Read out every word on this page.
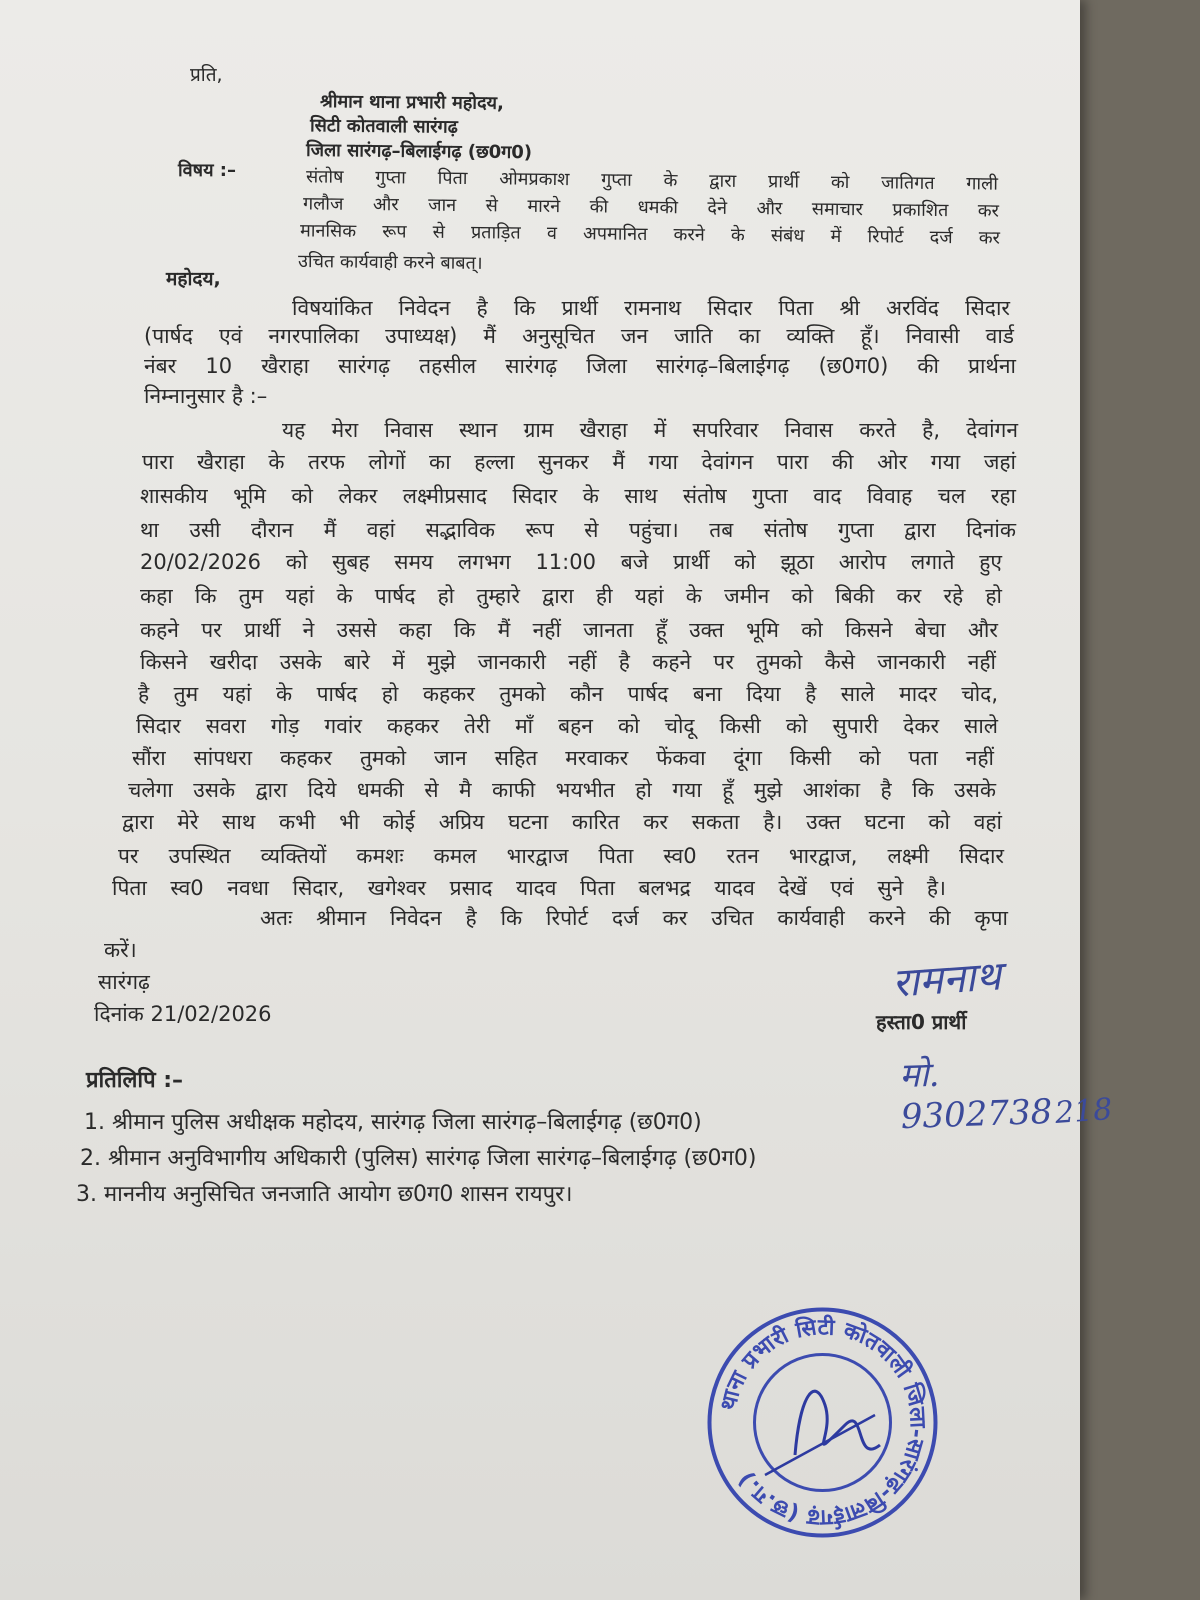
प्रति,
श्रीमान थाना प्रभारी महोदय,
सिटी कोतवाली सारंगढ़
जिला सारंगढ़–बिलाईगढ़ (छ0ग0)
विषय :–	संतोष गुप्ता पिता ओमप्रकाश गुप्ता के द्वारा प्रार्थी को जातिगत गाली
गलौज और जान से मारने की धमकी देने और समाचार प्रकाशित कर
मानसिक रूप से प्रताड़ित व अपमानित करने के संबंध में रिपोर्ट दर्ज कर
उचित कार्यवाही करने बाबत्।
महोदय,
विषयांकित निवेदन है कि प्रार्थी रामनाथ सिदार पिता श्री अरविंद सिदार
(पार्षद एवं नगरपालिका उपाध्यक्ष) मैं अनुसूचित जन जाति का व्यक्ति हूँ। निवासी वार्ड
नंबर 10 खैराहा सारंगढ़ तहसील सारंगढ़ जिला सारंगढ़–बिलाईगढ़ (छ0ग0) की प्रार्थना
निम्नानुसार है :–
यह मेरा निवास स्थान ग्राम खैराहा में सपरिवार निवास करते है, देवांगन
पारा खैराहा के तरफ लोगों का हल्ला सुनकर मैं गया देवांगन पारा की ओर गया जहां
शासकीय भूमि को लेकर लक्ष्मीप्रसाद सिदार के साथ संतोष गुप्ता वाद विवाह चल रहा
था उसी दौरान मैं वहां सद्भाविक रूप से पहुंचा। तब संतोष गुप्ता द्वारा दिनांक
20/02/2026 को सुबह समय लगभग 11:00 बजे प्रार्थी को झूठा आरोप लगाते हुए
कहा कि तुम यहां के पार्षद हो तुम्हारे द्वारा ही यहां के जमीन को बिकी कर रहे हो
कहने पर प्रार्थी ने उससे कहा कि मैं नहीं जानता हूँ उक्त भूमि को किसने बेचा और
किसने खरीदा उसके बारे में मुझे जानकारी नहीं है कहने पर तुमको कैसे जानकारी नहीं
है तुम यहां के पार्षद हो कहकर तुमको कौन पार्षद बना दिया है साले मादर चोद,
सिदार सवरा गोड़ गवांर कहकर तेरी माँ बहन को चोदू किसी को सुपारी देकर साले
सौंरा सांपधरा कहकर तुमको जान सहित मरवाकर फेंकवा दूंगा किसी को पता नहीं
चलेगा उसके द्वारा दिये धमकी से मै काफी भयभीत हो गया हूँ मुझे आशंका है कि उसके
द्वारा मेरे साथ कभी भी कोई अप्रिय घटना कारित कर सकता है। उक्त घटना को वहां
पर उपस्थित व्यक्तियों कमशः कमल भारद्वाज पिता स्व0 रतन भारद्वाज, लक्ष्मी सिदार
पिता स्व0 नवधा सिदार, खगेश्वर प्रसाद यादव पिता बलभद्र यादव देखें एवं सुने है।
अतः श्रीमान निवेदन है कि रिपोर्ट दर्ज कर उचित कार्यवाही करने की कृपा
करें।
सारंगढ़
दिनांक 21/02/2026	हस्ता0 प्रार्थी
रामनाथ
मो. 9302738 218
प्रतिलिपि :–
1. श्रीमान पुलिस अधीक्षक महोदय, सारंगढ़ जिला सारंगढ़–बिलाईगढ़ (छ0ग0)
2. श्रीमान अनुविभागीय अधिकारी (पुलिस) सारंगढ़ जिला सारंगढ़–बिलाईगढ़ (छ0ग0)
3. माननीय अनुसिचित जनजाति आयोग छ0ग0 शासन रायपुर।
थाना प्रभारी सिटी कोतवाली जिला-सारंगढ़-बिलाईगढ़ (छ.ग.)
